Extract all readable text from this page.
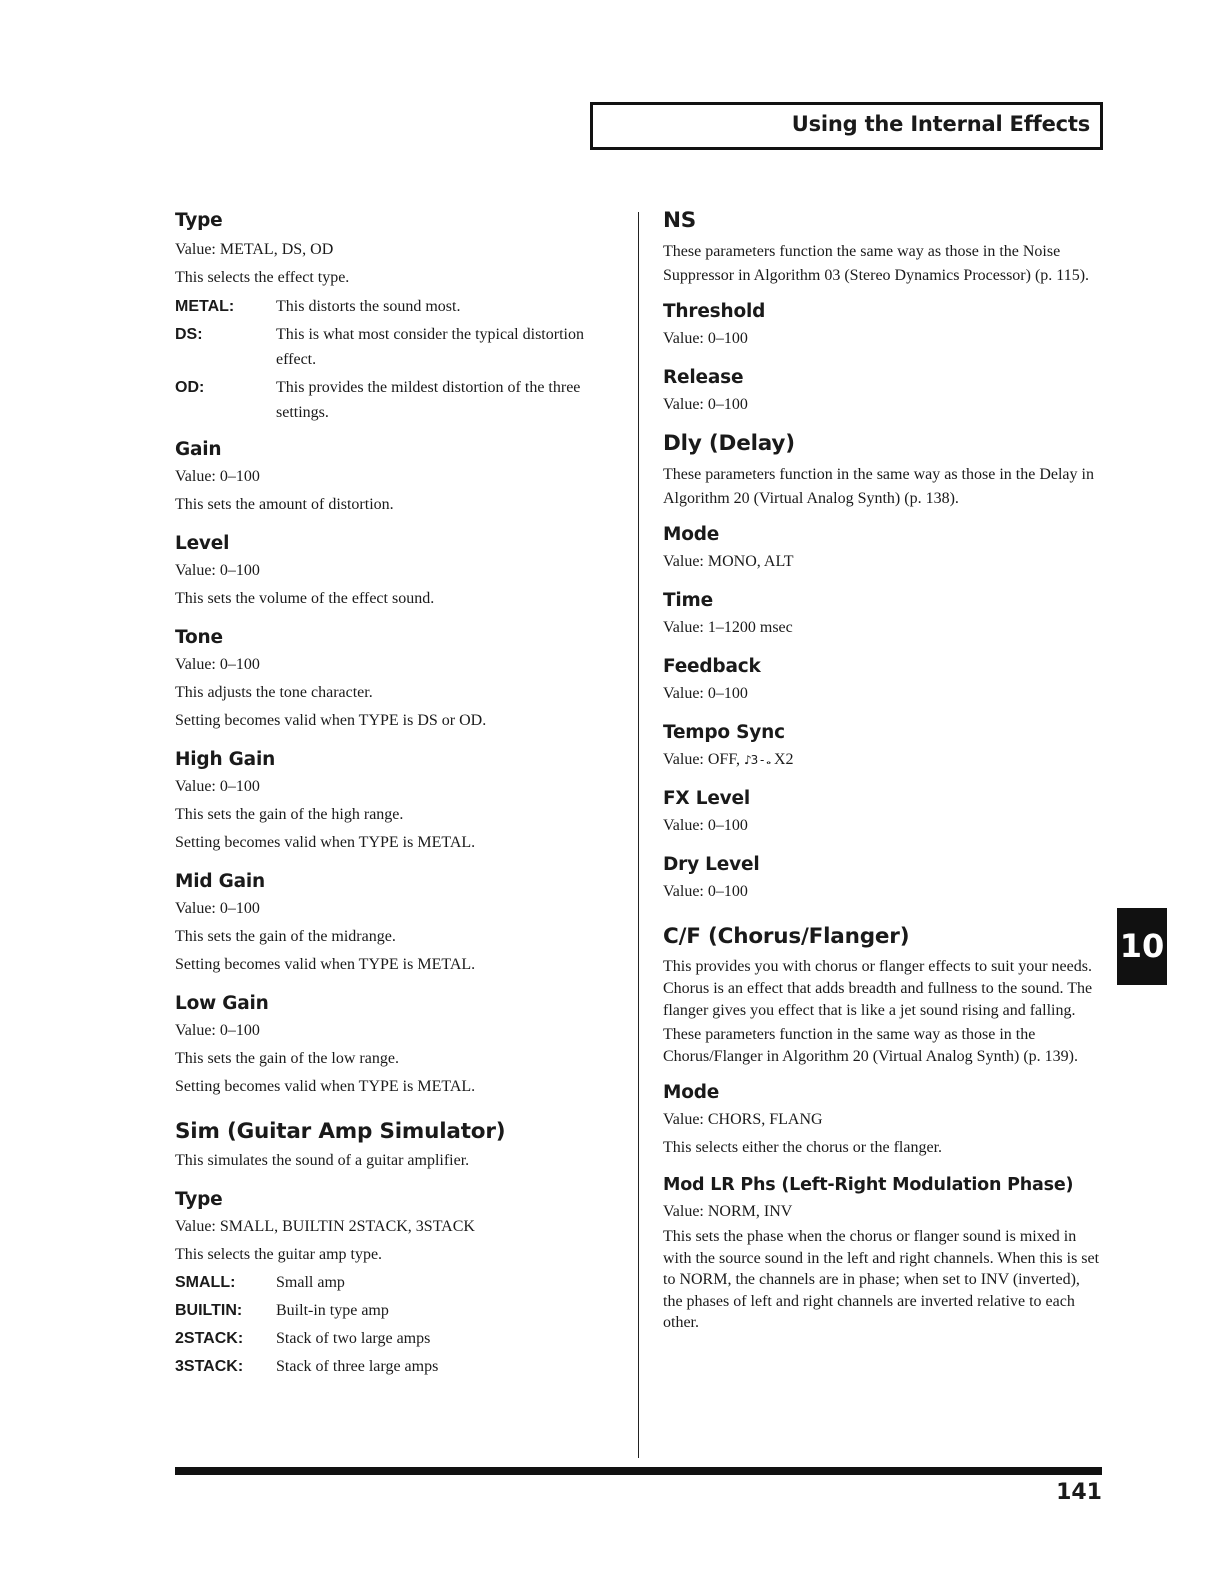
Using the Internal Effects
Type

Value: METAL, DS, OD

This selects the effect type.

METAL:	This distorts the sound most.
DS:	This is what most consider the typical distortion effect.
OD:	This provides the mildest distortion of the three settings.
Gain

Value: 0–100

This sets the amount of distortion.

Level

Value: 0–100

This sets the volume of the effect sound.

Tone

Value: 0–100

This adjusts the tone character.

Setting becomes valid when TYPE is DS or OD.

High Gain

Value: 0–100

This sets the gain of the high range.

Setting becomes valid when TYPE is METAL.

Mid Gain

Value: 0–100

This sets the gain of the midrange.

Setting becomes valid when TYPE is METAL.

Low Gain

Value: 0–100

This sets the gain of the low range.

Setting becomes valid when TYPE is METAL.

Sim (Guitar Amp Simulator)

This simulates the sound of a guitar amplifier.

Type

Value: SMALL, BUILTIN 2STACK, 3STACK

This selects the guitar amp type.

SMALL:	Small amp
BUILTIN:	Built-in type amp
2STACK:	Stack of two large amps
3STACK:	Stack of three large amps
NS

These parameters function the same way as those in the Noise Suppressor in Algorithm 03 (Stereo Dynamics Processor) (p. 115).

Threshold

Value: 0–100

Release

Value: 0–100

Dly (Delay)

These parameters function in the same way as those in the Delay in Algorithm 20 (Virtual Analog Synth) (p. 138).

Mode

Value: MONO, ALT

Time

Value: 1–1200 msec

Feedback

Value: 0–100

Tempo Sync

Value: OFF, ♪3 - 𝅝 X2

FX Level

Value: 0–100

Dry Level

Value: 0–100

C/F (Chorus/Flanger)

This provides you with chorus or flanger effects to suit your needs. Chorus is an effect that adds breadth and fullness to the sound. The flanger gives you effect that is like a jet sound rising and falling.

These parameters function in the same way as those in the Chorus/Flanger in Algorithm 20 (Virtual Analog Synth) (p. 139).

Mode

Value: CHORS, FLANG

This selects either the chorus or the flanger.

Mod LR Phs (Left-Right Modulation Phase)

Value: NORM, INV

This sets the phase when the chorus or flanger sound is mixed in with the source sound in the left and right channels. When this is set to NORM, the channels are in phase; when set to INV (inverted), the phases of left and right channels are inverted relative to each other.

10
141
